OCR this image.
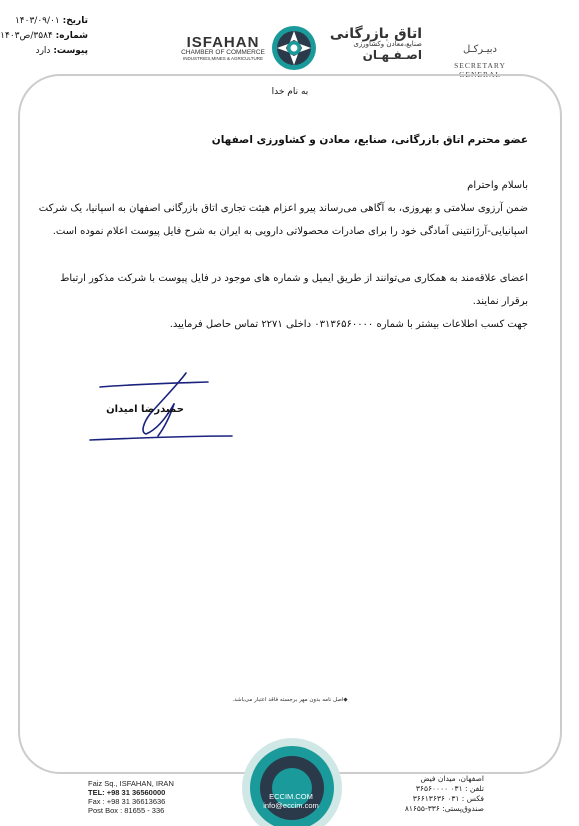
تاریخ: ۱۴۰۳/۰۹/۰۱
شماره: ۳۵۸۴/ص۱۴۰۳
پیوست: دارد	ISFAHAN
CHAMBER OF COMMERCE
INDUSTRIES,MINES & AGRICULTURE
اتاق بازرگانی
صنایع،معادن وکشاورزی
اصـفـهـان	دبیـرکـل
SECRETARY GENERAL
به نام خدا
عضو محترم اتاق بازرگانی، صنایع، معادن و کشاورزی اصفهان
باسلام واحترام
ضمن آرزوی سلامتی و بهروزی، به آگاهی می‌رساند پیرو اعزام هیئت تجاری اتاق بازرگانی اصفهان به اسپانیا، یک شرکت اسپانیایی-آرژانتینی آمادگی خود را برای صادرات محصولاتی دارویی به ایران به شرح فایل پیوست اعلام نموده است.
اعضای علاقه‌مند به همکاری می‌توانند از طریق ایمیل و شماره های موجود در فایل پیوست با شرکت مذکور ارتباط برقرار نمایند.
جهت کسب اطلاعات بیشتر با شماره ۰۳۱۳۶۵۶۰۰۰۰ داخلی ۲۲۷۱ تماس حاصل فرمایید.
حمیدرضا امیدان
◆اصل نامه بدون مهر برجسته فاقد اعتبار می‌باشد.
ECCIM.COM
info@eccim.com
Faiz Sq., ISFAHAN, IRAN
TEL: +98 31 36560000
Fax : +98 31 36613636
Post Box : 81655 - 336
اصفهان، میدان فیض
تلفن : ۰۳۱ ۳۶۵۶۰۰۰۰
فکس : ۰۳۱ ۳۶۶۱۳۶۳۶
صندوق‌پستی: ۳۳۶-۸۱۶۵۵
